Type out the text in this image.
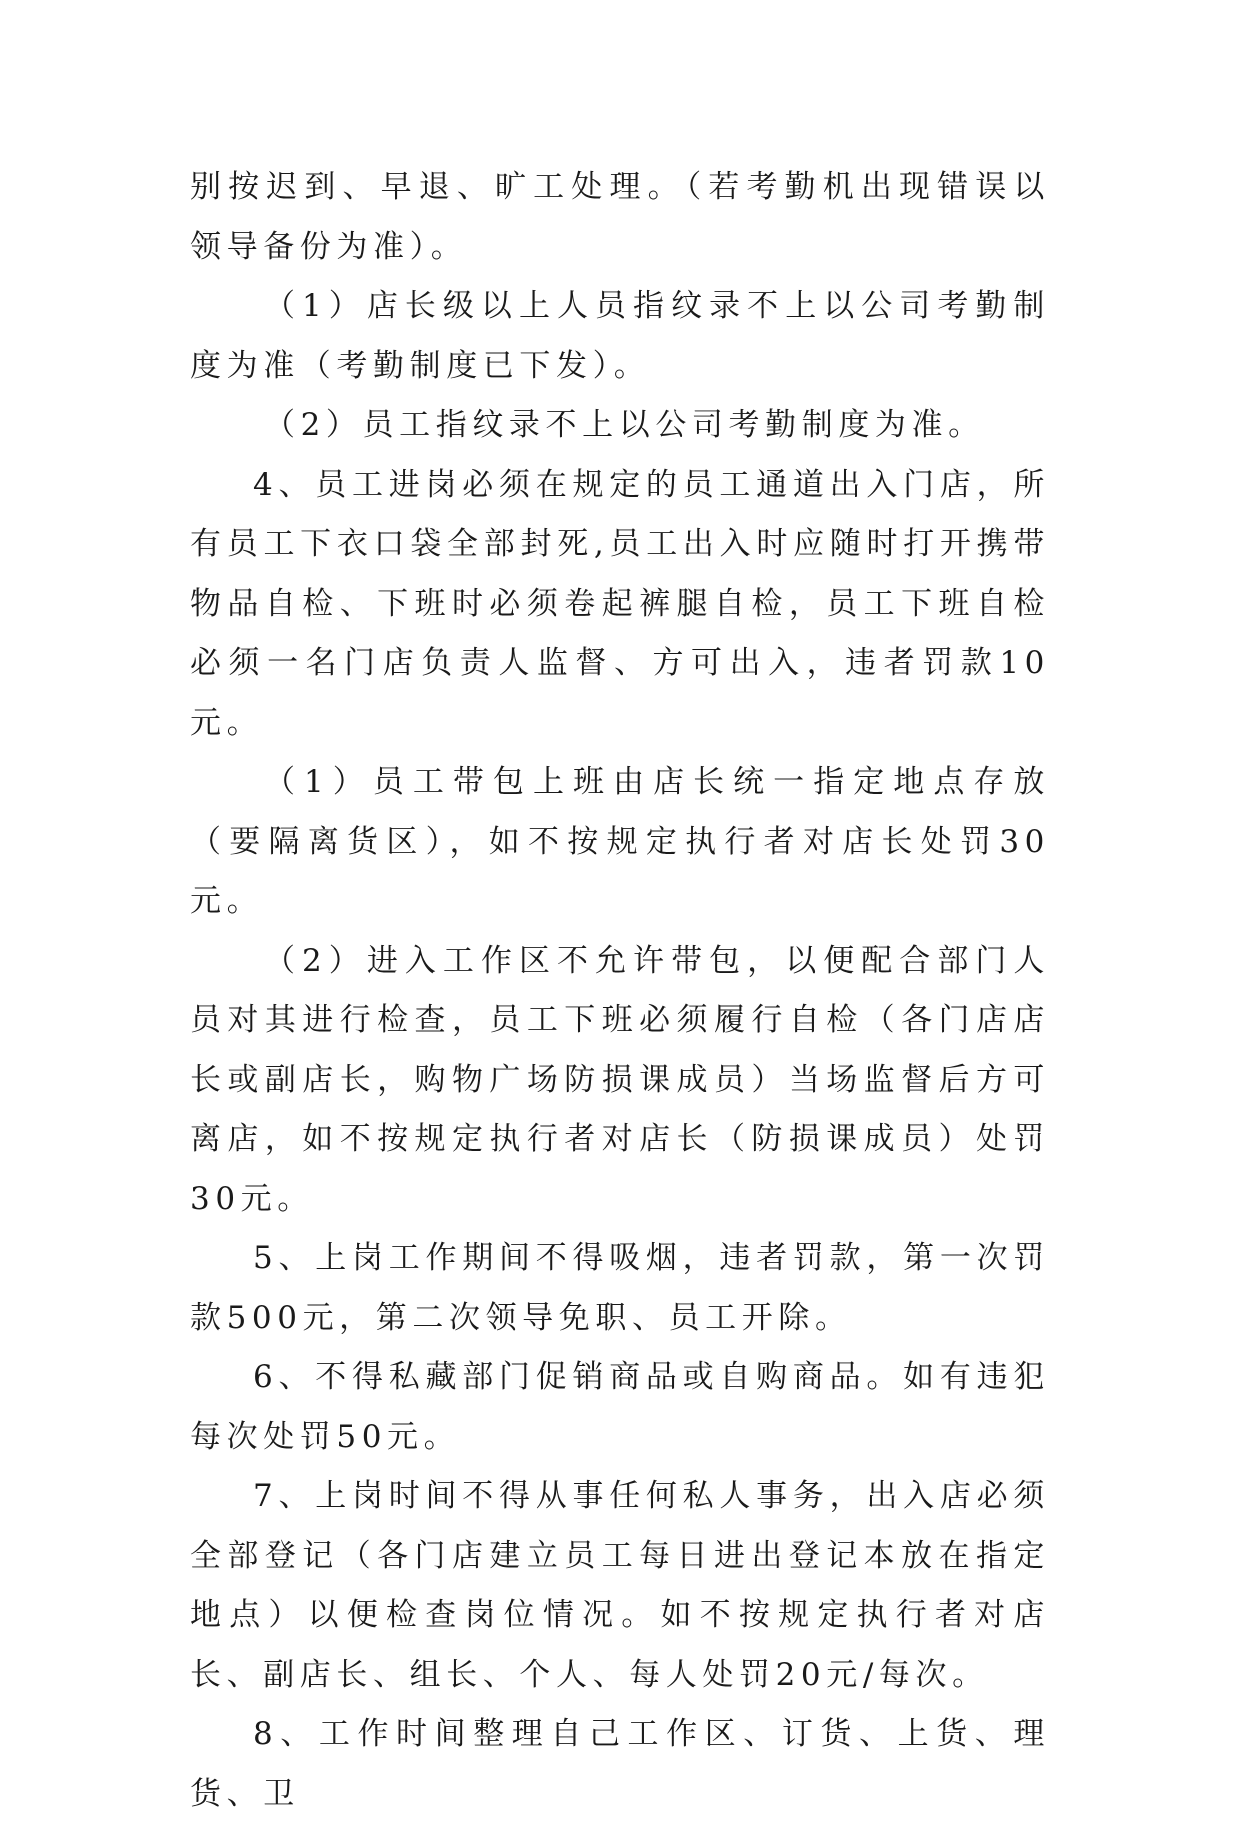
别按迟到、早退、旷工处理。（若考勤机出现错误以领导备份为准）。

（1）店长级以上人员指纹录不上以公司考勤制度为准（考勤制度已下发）。

（2）员工指纹录不上以公司考勤制度为准。

4、员工进岗必须在规定的员工通道出入门店，所有员工下衣口袋全部封死,员工出入时应随时打开携带物品自检、下班时必须卷起裤腿自检，员工下班自检必须一名门店负责人监督、方可出入，违者罚款10元。

（1）员工带包上班由店长统一指定地点存放（要隔离货区），如不按规定执行者对店长处罚30元。

（2）进入工作区不允许带包，以便配合部门人员对其进行检查，员工下班必须履行自检（各门店店长或副店长，购物广场防损课成员）当场监督后方可离店，如不按规定执行者对店长（防损课成员）处罚30元。

5、上岗工作期间不得吸烟，违者罚款，第一次罚款500元，第二次领导免职、员工开除。

6、不得私藏部门促销商品或自购商品。如有违犯每次处罚50元。

7、上岗时间不得从事任何私人事务，出入店必须全部登记（各门店建立员工每日进出登记本放在指定地点）以便检查岗位情况。如不按规定执行者对店长、副店长、组长、个人、每人处罚20元/每次。

8、工作时间整理自己工作区、订货、上货、理货、卫
